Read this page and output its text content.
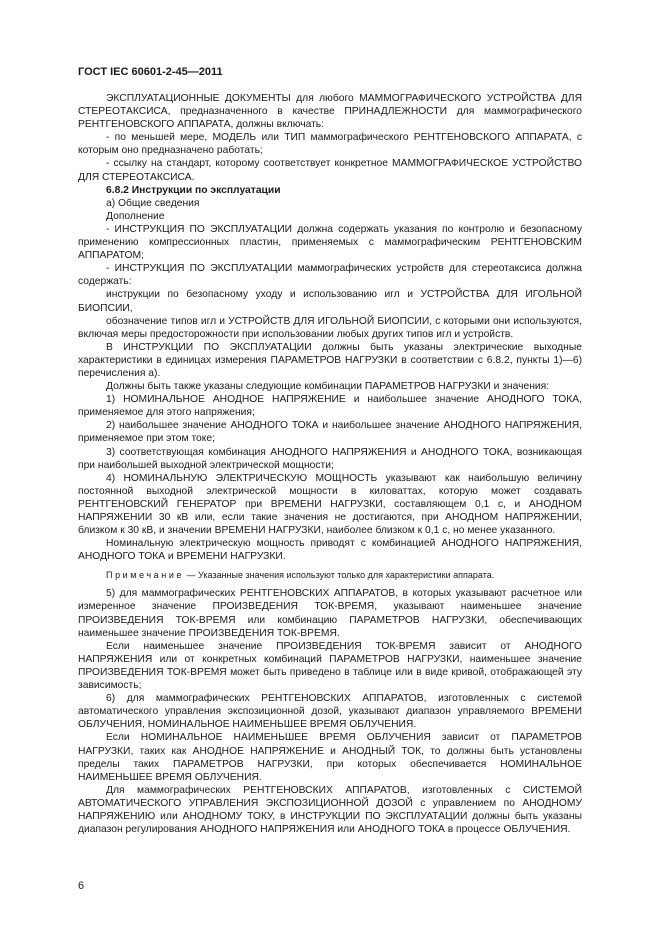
ГОСТ IEC 60601-2-45—2011

ЭКСПЛУАТАЦИОННЫЕ ДОКУМЕНТЫ для любого МАММОГРАФИЧЕСКОГО УСТРОЙСТВА ДЛЯ СТЕРЕОТАКСИСА, предназначенного в качестве ПРИНАДЛЕЖНОСТИ для маммографического РЕНТГЕНОВСКОГО АППАРАТА, должны включать:

- по меньшей мере, МОДЕЛЬ или ТИП маммографического РЕНТГЕНОВСКОГО АППАРАТА, с которым оно предназначено работать;

- ссылку на стандарт, которому соответствует конкретное МАММОГРАФИЧЕСКОЕ УСТРОЙСТВО ДЛЯ СТЕРЕОТАКСИСА.

6.8.2 Инструкции по эксплуатации

а) Общие сведения

Дополнение

- ИНСТРУКЦИЯ ПО ЭКСПЛУАТАЦИИ должна содержать указания по контролю и безопасному применению компрессионных пластин, применяемых с маммографическим РЕНТГЕНОВСКИМ АППАРАТОМ;

- ИНСТРУКЦИЯ ПО ЭКСПЛУАТАЦИИ маммографических устройств для стереотаксиса должна содержать:

инструкции по безопасному уходу и использованию игл и УСТРОЙСТВА ДЛЯ ИГОЛЬНОЙ БИОПСИИ,

обозначение типов игл и УСТРОЙСТВ ДЛЯ ИГОЛЬНОЙ БИОПСИИ, с которыми они используются, включая меры предосторожности при использовании любых других типов игл и устройств.

В ИНСТРУКЦИИ ПО ЭКСПЛУАТАЦИИ должны быть указаны электрические выходные характеристики в единицах измерения ПАРАМЕТРОВ НАГРУЗКИ в соответствии с 6.8.2, пункты 1)—6) перечисления а).

Должны быть также указаны следующие комбинации ПАРАМЕТРОВ НАГРУЗКИ и значения:

1) НОМИНАЛЬНОЕ АНОДНОЕ НАПРЯЖЕНИЕ и наибольшее значение АНОДНОГО ТОКА, применяемое для этого напряжения;

2) наибольшее значение АНОДНОГО ТОКА и наибольшее значение АНОДНОГО НАПРЯЖЕНИЯ, применяемое при этом токе;

3) соответствующая комбинация АНОДНОГО НАПРЯЖЕНИЯ и АНОДНОГО ТОКА, возникающая при наибольшей выходной электрической мощности;

4) НОМИНАЛЬНУЮ ЭЛЕКТРИЧЕСКУЮ МОЩНОСТЬ указывают как наибольшую величину постоянной выходной электрической мощности в киловаттах, которую может создавать РЕНТГЕНОВСКИЙ ГЕНЕРАТОР при ВРЕМЕНИ НАГРУЗКИ, составляющем 0,1 с, и АНОДНОМ НАПРЯЖЕНИИ 30 кВ или, если такие значения не достигаются, при АНОДНОМ НАПРЯЖЕНИИ, близком к 30 кВ, и значении ВРЕМЕНИ НАГРУЗКИ, наиболее близком к 0,1 с, но менее указанного.

Номинальную электрическую мощность приводят с комбинацией АНОДНОГО НАПРЯЖЕНИЯ, АНОДНОГО ТОКА и ВРЕМЕНИ НАГРУЗКИ.

Примечание — Указанные значения используют только для характеристики аппарата.

5) для маммографических РЕНТГЕНОВСКИХ АППАРАТОВ, в которых указывают расчетное или измеренное значение ПРОИЗВЕДЕНИЯ ТОК-ВРЕМЯ, указывают наименьшее значение ПРОИЗВЕДЕНИЯ ТОК-ВРЕМЯ или комбинацию ПАРАМЕТРОВ НАГРУЗКИ, обеспечивающих наименьшее значение ПРОИЗВЕДЕНИЯ ТОК-ВРЕМЯ.

Если наименьшее значение ПРОИЗВЕДЕНИЯ ТОК-ВРЕМЯ зависит от АНОДНОГО НАПРЯЖЕНИЯ или от конкретных комбинаций ПАРАМЕТРОВ НАГРУЗКИ, наименьшее значение ПРОИЗВЕДЕНИЯ ТОК-ВРЕМЯ может быть приведено в таблице или в виде кривой, отображающей эту зависимость;

6) для маммографических РЕНТГЕНОВСКИХ АППАРАТОВ, изготовленных с системой автоматического управления экспозиционной дозой, указывают диапазон управляемого ВРЕМЕНИ ОБЛУЧЕНИЯ, НОМИНАЛЬНОЕ НАИМЕНЬШЕЕ ВРЕМЯ ОБЛУЧЕНИЯ.

Если НОМИНАЛЬНОЕ НАИМЕНЬШЕЕ ВРЕМЯ ОБЛУЧЕНИЯ зависит от ПАРАМЕТРОВ НАГРУЗКИ, таких как АНОДНОЕ НАПРЯЖЕНИЕ и АНОДНЫЙ ТОК, то должны быть установлены пределы таких ПАРАМЕТРОВ НАГРУЗКИ, при которых обеспечивается НОМИНАЛЬНОЕ НАИМЕНЬШЕЕ ВРЕМЯ ОБЛУЧЕНИЯ.

Для маммографических РЕНТГЕНОВСКИХ АППАРАТОВ, изготовленных с СИСТЕМОЙ АВТОМАТИЧЕСКОГО УПРАВЛЕНИЯ ЭКСПОЗИЦИОННОЙ ДОЗОЙ с управлением по АНОДНОМУ НАПРЯЖЕНИЮ или АНОДНОМУ ТОКУ, в ИНСТРУКЦИИ ПО ЭКСПЛУАТАЦИИ должны быть указаны диапазон регулирования АНОДНОГО НАПРЯЖЕНИЯ или АНОДНОГО ТОКА в процессе ОБЛУЧЕНИЯ.

6
